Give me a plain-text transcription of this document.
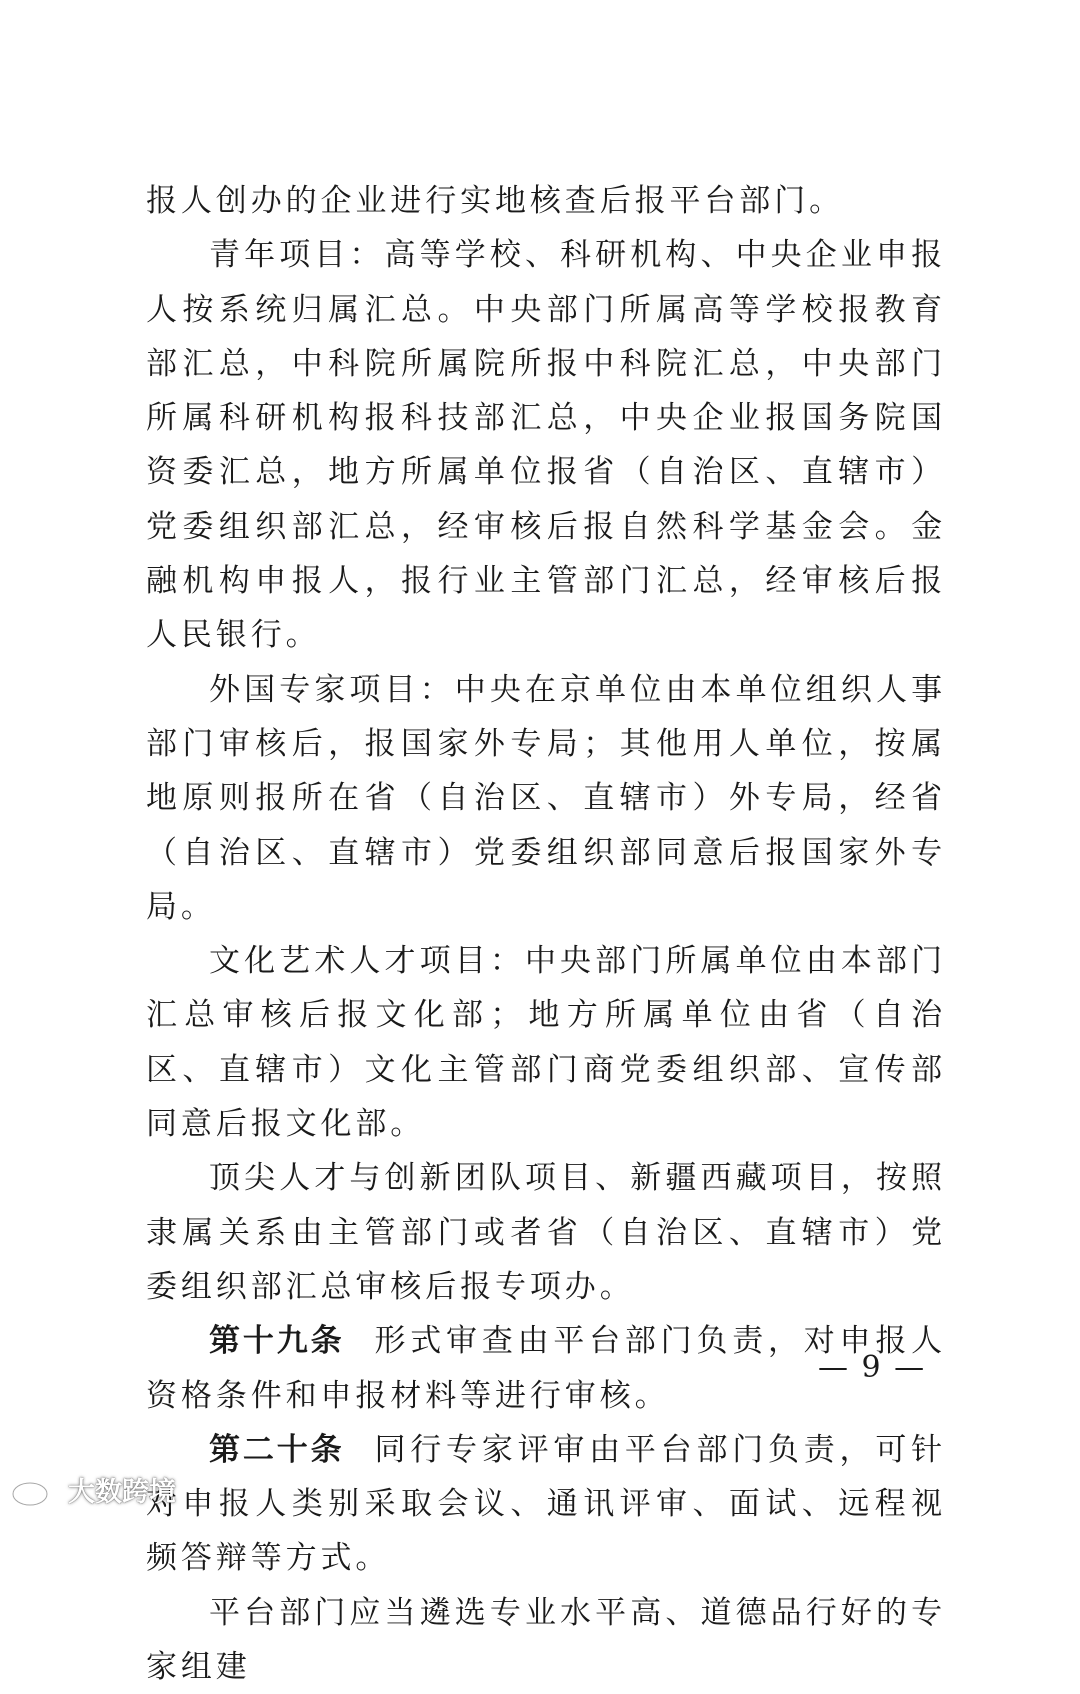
报人创办的企业进行实地核查后报平台部门。

青年项目：高等学校、科研机构、中央企业申报人按系统归属汇总。中央部门所属高等学校报教育部汇总，中科院所属院所报中科院汇总，中央部门所属科研机构报科技部汇总，中央企业报国务院国资委汇总，地方所属单位报省（自治区、直辖市）党委组织部汇总，经审核后报自然科学基金会。金融机构申报人，报行业主管部门汇总，经审核后报人民银行。

外国专家项目：中央在京单位由本单位组织人事部门审核后，报国家外专局；其他用人单位，按属地原则报所在省（自治区、直辖市）外专局，经省（自治区、直辖市）党委组织部同意后报国家外专局。

文化艺术人才项目：中央部门所属单位由本部门汇总审核后报文化部；地方所属单位由省（自治区、直辖市）文化主管部门商党委组织部、宣传部同意后报文化部。

顶尖人才与创新团队项目、新疆西藏项目，按照隶属关系由主管部门或者省（自治区、直辖市）党委组织部汇总审核后报专项办。

第十九条 形式审查由平台部门负责，对申报人资格条件和申报材料等进行审核。

第二十条 同行专家评审由平台部门负责，可针对申报人类别采取会议、通讯评审、面试、远程视频答辩等方式。

平台部门应当遴选专业水平高、道德品行好的专家组建

— 9 —
大数跨境
